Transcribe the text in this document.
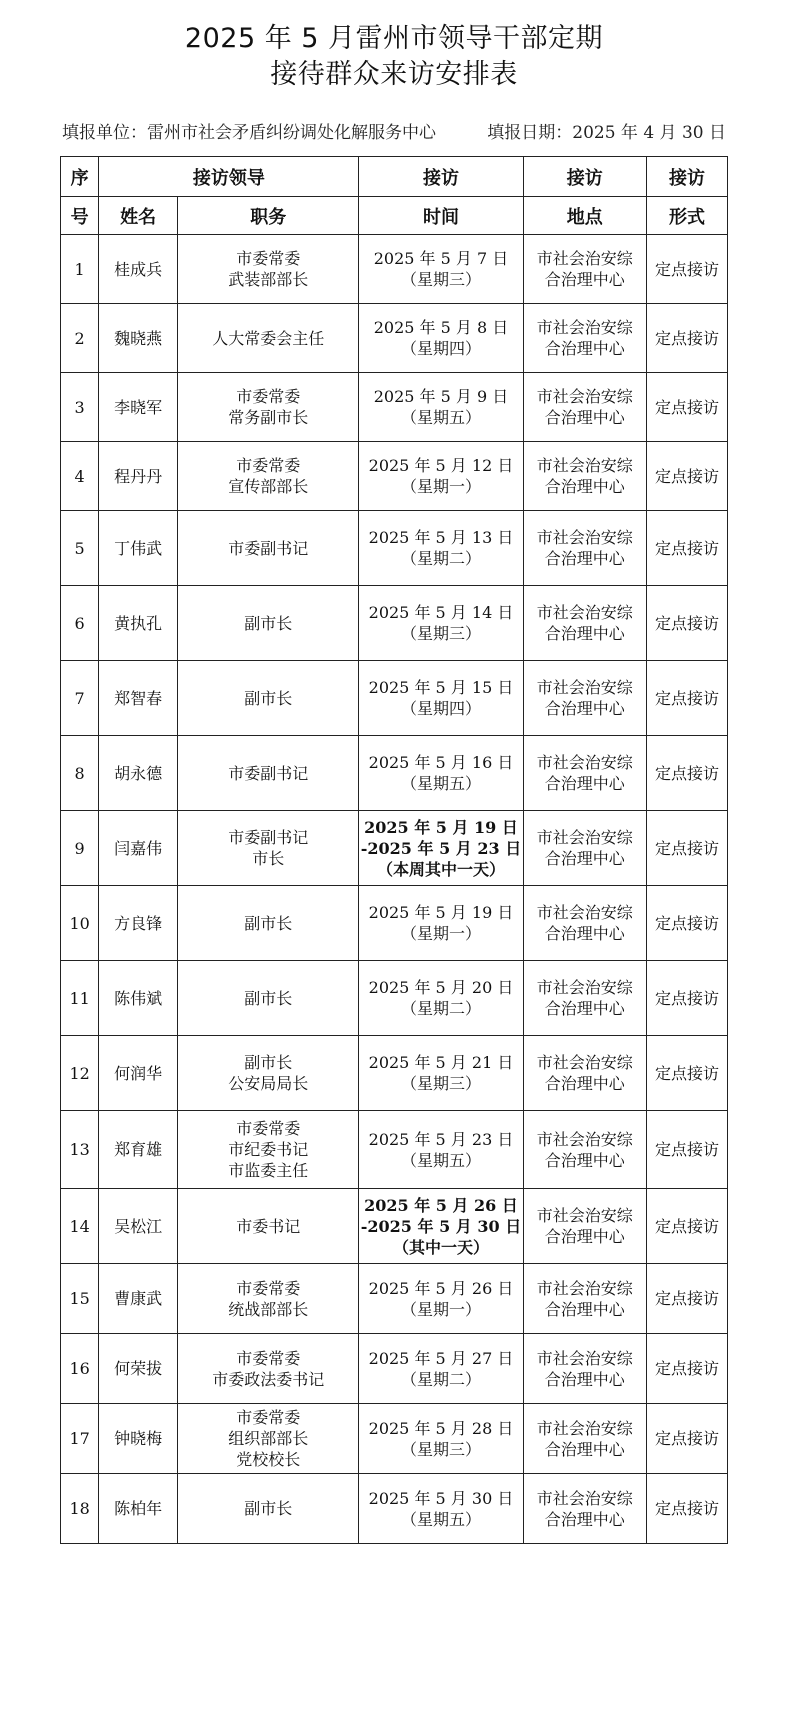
2025 年 5 月雷州市领导干部定期
接待群众来访安排表
填报单位：雷州市社会矛盾纠纷调处化解服务中心	填报日期：2025 年 4 月 30 日
序	接访领导		接访	接访	接访
号	姓名	职务	时间	地点	形式
1	桂成兵	市委常委
武装部部长	2025 年 5 月 7 日
（星期三）	市社会治安综
合治理中心	定点接访
2	魏晓燕	人大常委会主任	2025 年 5 月 8 日
（星期四）	市社会治安综
合治理中心	定点接访
3	李晓军	市委常委
常务副市长	2025 年 5 月 9 日
（星期五）	市社会治安综
合治理中心	定点接访
4	程丹丹	市委常委
宣传部部长	2025 年 5 月 12 日
（星期一）	市社会治安综
合治理中心	定点接访
5	丁伟武	市委副书记	2025 年 5 月 13 日
（星期二）	市社会治安综
合治理中心	定点接访
6	黄执孔	副市长	2025 年 5 月 14 日
（星期三）	市社会治安综
合治理中心	定点接访
7	郑智春	副市长	2025 年 5 月 15 日
（星期四）	市社会治安综
合治理中心	定点接访
8	胡永德	市委副书记	2025 年 5 月 16 日
（星期五）	市社会治安综
合治理中心	定点接访
9	闫嘉伟	市委副书记
市长	2025 年 5 月 19 日
-2025 年 5 月 23 日
（本周其中一天）	市社会治安综
合治理中心	定点接访
10	方良锋	副市长	2025 年 5 月 19 日
（星期一）	市社会治安综
合治理中心	定点接访
11	陈伟斌	副市长	2025 年 5 月 20 日
（星期二）	市社会治安综
合治理中心	定点接访
12	何润华	副市长
公安局局长	2025 年 5 月 21 日
（星期三）	市社会治安综
合治理中心	定点接访
13	郑育雄	市委常委
市纪委书记
市监委主任	2025 年 5 月 23 日
（星期五）	市社会治安综
合治理中心	定点接访
14	吴松江	市委书记	2025 年 5 月 26 日
-2025 年 5 月 30 日
（其中一天）	市社会治安综
合治理中心	定点接访
15	曹康武	市委常委
统战部部长	2025 年 5 月 26 日
（星期一）	市社会治安综
合治理中心	定点接访
16	何荣拔	市委常委
市委政法委书记	2025 年 5 月 27 日
（星期二）	市社会治安综
合治理中心	定点接访
17	钟晓梅	市委常委
组织部部长
党校校长	2025 年 5 月 28 日
（星期三）	市社会治安综
合治理中心	定点接访
18	陈柏年	副市长	2025 年 5 月 30 日
（星期五）	市社会治安综
合治理中心	定点接访
